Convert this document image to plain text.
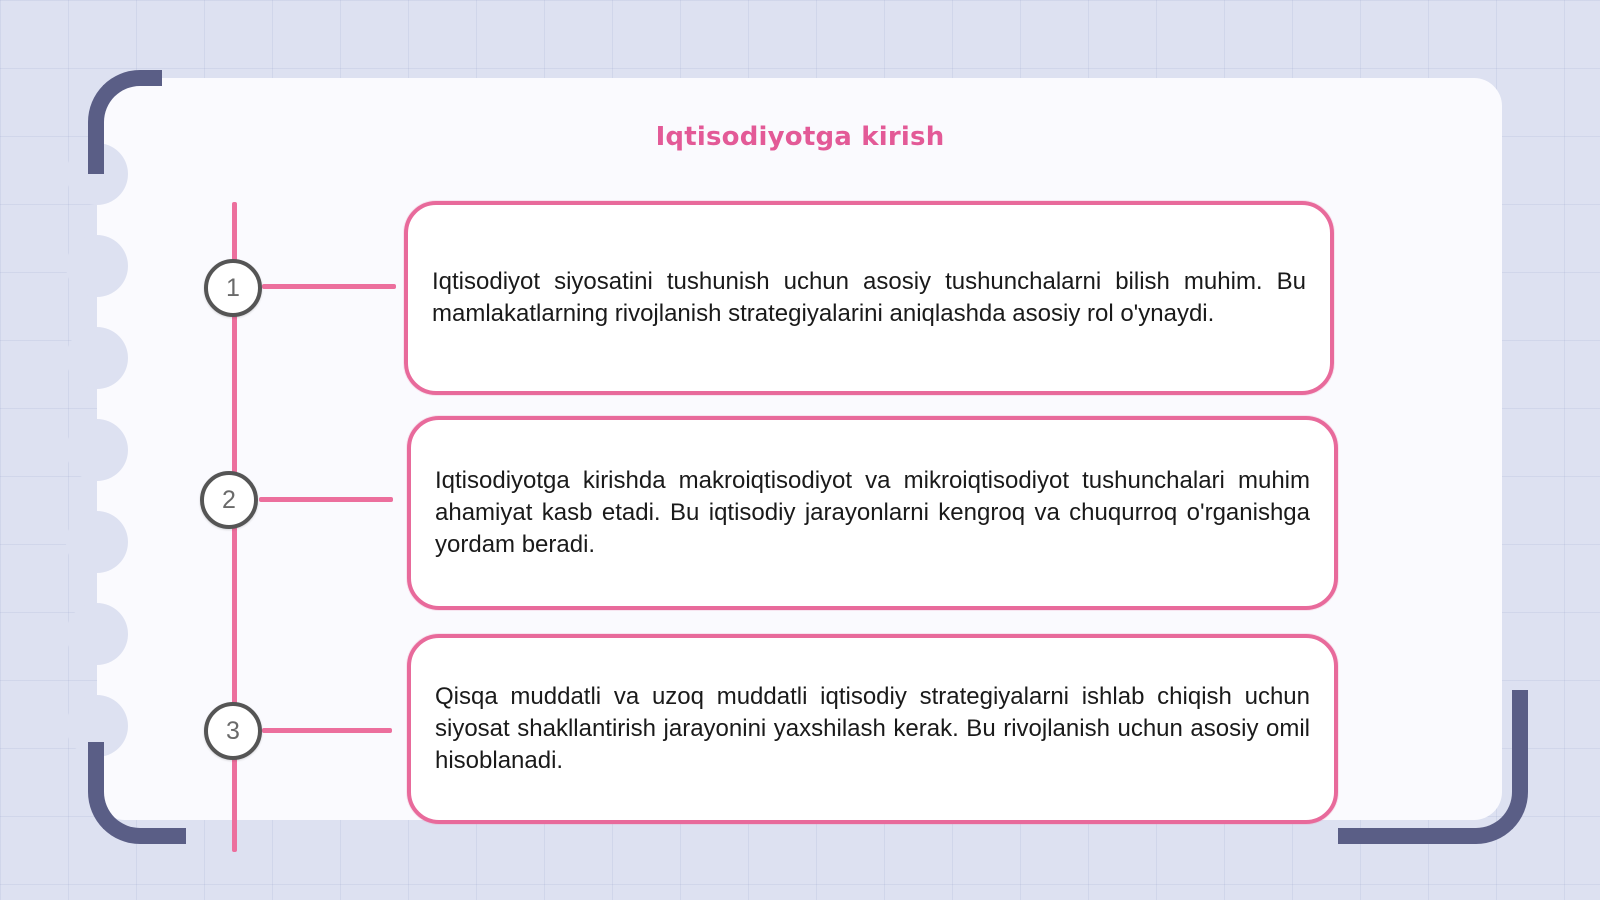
Iqtisodiyotga kirish
1
2
3

Iqtisodiyot siyosatini tushunish uchun asosiy tushunchalarni bilish muhim. Bu mamlakatlarning rivojlanish strategiyalarini aniqlashda asosiy rol o'ynaydi.

Iqtisodiyotga kirishda makroiqtisodiyot va mikroiqtisodiyot tushunchalari muhim ahamiyat kasb etadi. Bu iqtisodiy jarayonlarni kengroq va chuqurroq o'rganishga yordam beradi.

Qisqa muddatli va uzoq muddatli iqtisodiy strategiyalarni ishlab chiqish uchun siyosat shakllantirish jarayonini yaxshilash kerak. Bu rivojlanish uchun asosiy omil hisoblanadi.
